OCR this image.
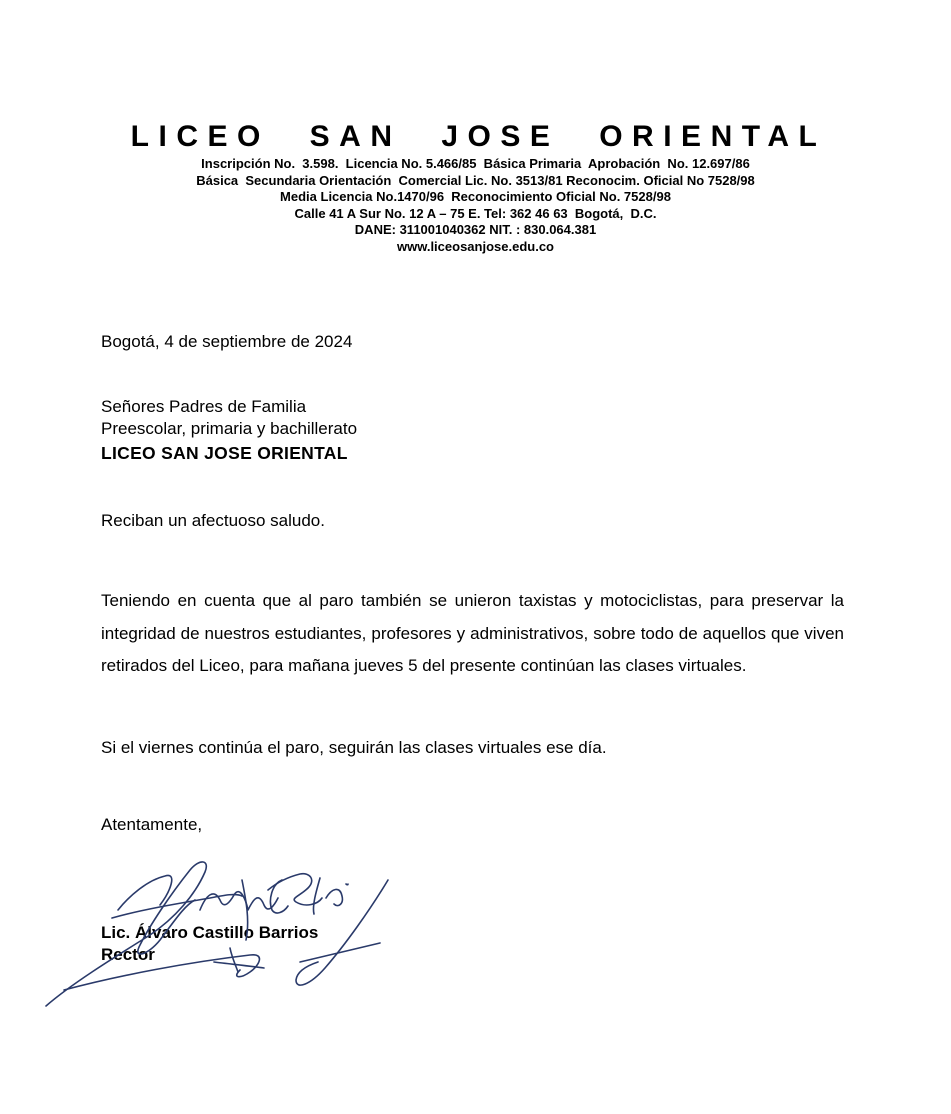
LICEO SAN JOSE ORIENTAL

Inscripción No.  3.598.  Licencia No. 5.466/85  Básica Primaria  Aprobación  No. 12.697/86

Básica  Secundaria Orientación  Comercial Lic. No. 3513/81 Reconocim. Oficial No 7528/98

Media Licencia No.1470/96  Reconocimiento Oficial No. 7528/98

Calle 41 A Sur No. 12 A – 75 E. Tel: 362 46 63  Bogotá,  D.C.

DANE: 311001040362 NIT. : 830.064.381

www.liceosanjose.edu.co

Bogotá, 4 de septiembre de 2024
Señores Padres de Familia
Preescolar, primaria y bachillerato
LICEO SAN JOSE ORIENTAL
Reciban un afectuoso saludo.
Teniendo en cuenta que al paro también se unieron taxistas y motociclistas, para preservar la integridad de nuestros estudiantes, profesores y administrativos, sobre todo de aquellos que viven retirados del Liceo, para mañana jueves 5 del presente continúan las clases virtuales.
Si el viernes continúa el paro, seguirán las clases virtuales ese día.
Atentamente,
Lic. Álvaro Castillo Barrios
Rector
